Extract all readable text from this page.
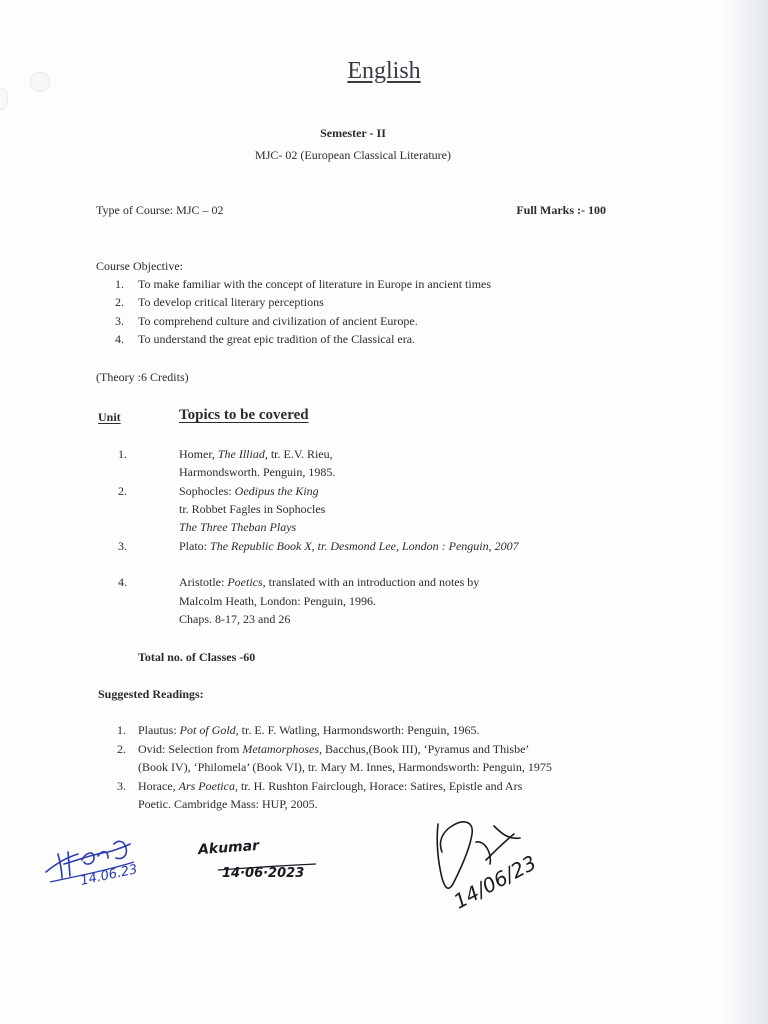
English
Semester - II
MJC- 02 (European Classical Literature)
Type of Course: MJC – 02	Full Marks :- 100
Course Objective:
1. To make familiar with the concept of literature in Europe in ancient times
2. To develop critical literary perceptions
3. To comprehend culture and civilization of ancient Europe.
4. To understand the great epic tradition of the Classical era.
(Theory :6 Credits)
Unit	Topics to be covered
1.	Homer, The Illiad, tr. E.V. Rieu,
Harmondsworth. Penguin, 1985.
2.	Sophocles: Oedipus the King
tr. Robbet Fagles in Sophocles
The Three Theban Plays
3.	Plato: The Republic Book X, tr. Desmond Lee, London : Penguin, 2007
4.	Aristotle: Poetics, translated with an introduction and notes by
Malcolm Heath, London: Penguin, 1996.
Chaps. 8-17, 23 and 26
Total no. of Classes -60
Suggested Readings:
1. Plautus: Pot of Gold, tr. E. F. Watling, Harmondsworth: Penguin, 1965.
2. Ovid: Selection from Metamorphoses, Bacchus,(Book III), ‘Pyramus and Thisbe’
(Book IV), ‘Philomela’ (Book VI), tr. Mary M. Innes, Harmondsworth: Penguin, 1975
3. Horace, Ars Poetica, tr. H. Rushton Fairclough, Horace: Satires, Epistle and Ars
Poetic. Cambridge Mass: HUP, 2005.
14.06.23
Akumar
14·06·2023	14/06/23
